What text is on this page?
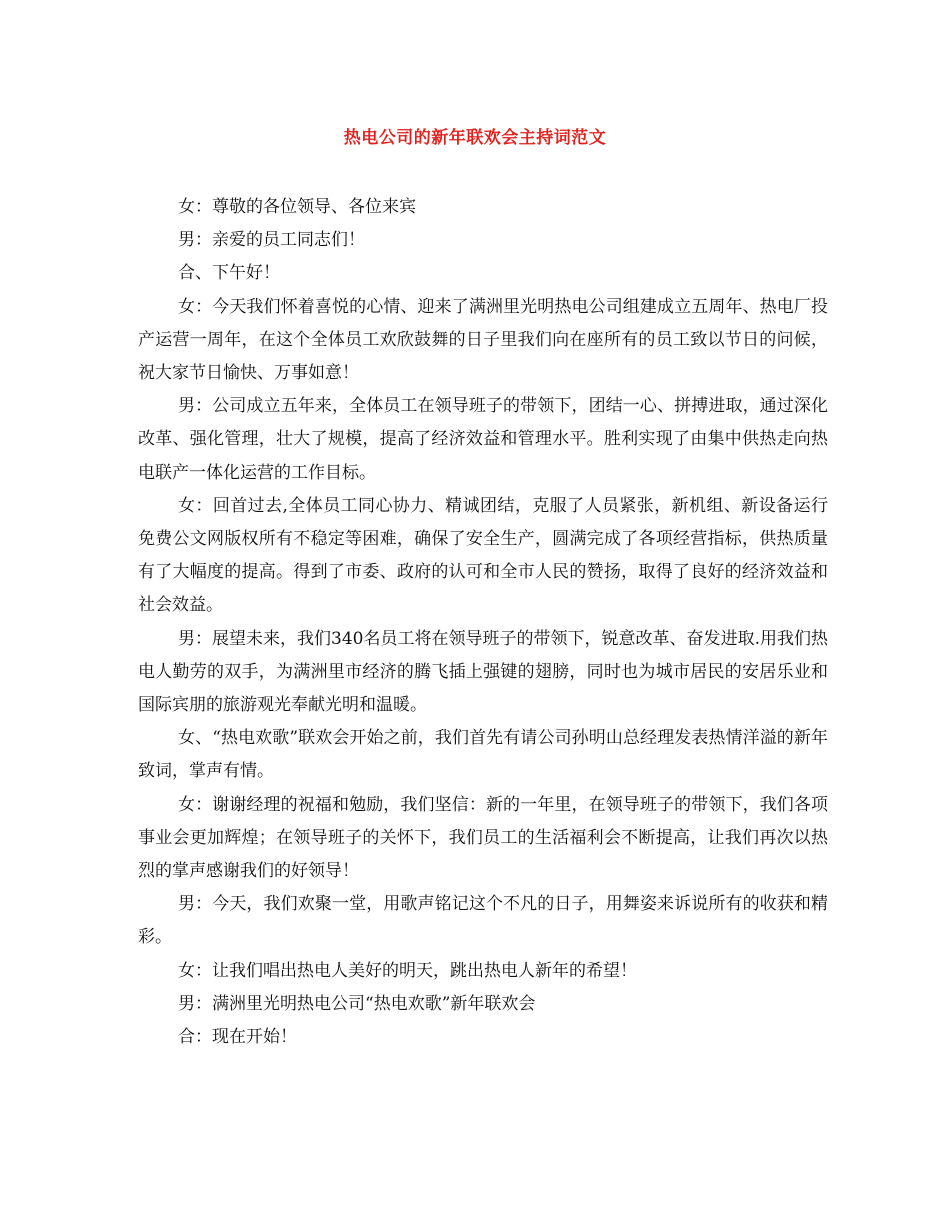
热电公司的新年联欢会主持词范文

女：尊敬的各位领导、各位来宾

男：亲爱的员工同志们！

合、下午好！

女：今天我们怀着喜悦的心情、迎来了满洲里光明热电公司组建成立五周年、热电厂投产运营一周年，在这个全体员工欢欣鼓舞的日子里我们向在座所有的员工致以节日的问候，祝大家节日愉快、万事如意！

男：公司成立五年来，全体员工在领导班子的带领下，团结一心、拼搏进取，通过深化改革、强化管理，壮大了规模，提高了经济效益和管理水平。胜利实现了由集中供热走向热电联产一体化运营的工作目标。

女：回首过去,全体员工同心协力、精诚团结，克服了人员紧张，新机组、新设备运行免费公文网版权所有不稳定等困难，确保了安全生产，圆满完成了各项经营指标，供热质量有了大幅度的提高。得到了市委、政府的认可和全市人民的赞扬，取得了良好的经济效益和社会效益。

男：展望未来，我们340名员工将在领导班子的带领下，锐意改革、奋发进取.用我们热电人勤劳的双手，为满洲里市经济的腾飞插上强键的翅膀，同时也为城市居民的安居乐业和国际宾朋的旅游观光奉献光明和温暖。

女、“热电欢歌”联欢会开始之前，我们首先有请公司孙明山总经理发表热情洋溢的新年致词，掌声有情。

女：谢谢经理的祝福和勉励，我们坚信：新的一年里，在领导班子的带领下，我们各项事业会更加辉煌；在领导班子的关怀下，我们员工的生活福利会不断提高，让我们再次以热烈的掌声感谢我们的好领导！

男：今天，我们欢聚一堂，用歌声铭记这个不凡的日子，用舞姿来诉说所有的收获和精彩。

女：让我们唱出热电人美好的明天，跳出热电人新年的希望！

男：满洲里光明热电公司“热电欢歌”新年联欢会

合：现在开始！
